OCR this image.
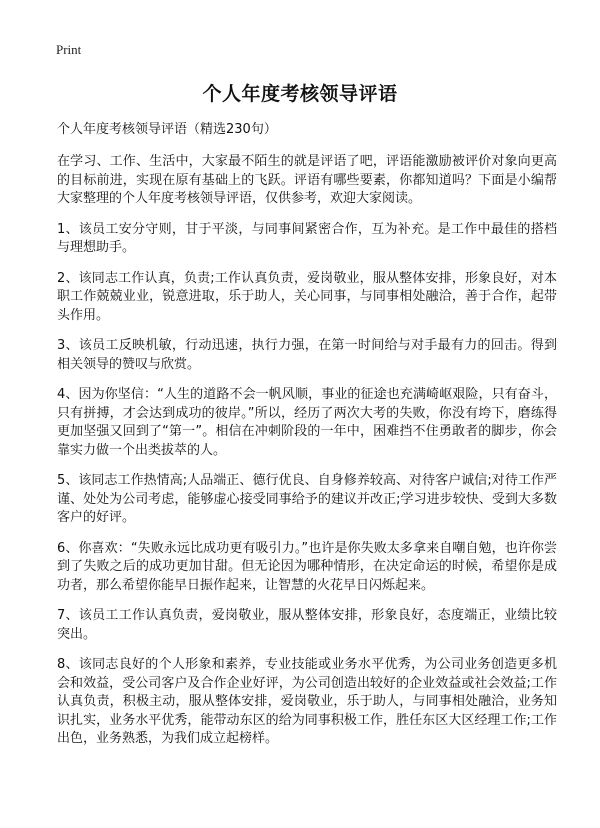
Print
个人年度考核领导评语

个人年度考核领导评语（精选230句）

在学习、工作、生活中，大家最不陌生的就是评语了吧，评语能激励被评价对象向更高的目标前进，实现在原有基础上的飞跃。评语有哪些要素，你都知道吗？下面是小编帮大家整理的个人年度考核领导评语，仅供参考，欢迎大家阅读。

1、该员工安分守则，甘于平淡，与同事间紧密合作，互为补充。是工作中最佳的搭档与理想助手。

2、该同志工作认真，负责;工作认真负责，爱岗敬业，服从整体安排，形象良好，对本职工作兢兢业业，锐意进取，乐于助人，关心同事，与同事相处融洽，善于合作，起带头作用。

3、该员工反映机敏，行动迅速，执行力强，在第一时间给与对手最有力的回击。得到相关领导的赞叹与欣赏。

4、因为你坚信：“人生的道路不会一帆风顺，事业的征途也充满崎岖艰险，只有奋斗，只有拼搏，才会达到成功的彼岸。”所以，经历了两次大考的失败，你没有垮下，磨练得更加坚强又回到了“第一”。相信在冲刺阶段的一年中，困难挡不住勇敢者的脚步，你会靠实力做一个出类拔萃的人。

5、该同志工作热情高;人品端正、德行优良、自身修养较高、对待客户诚信;对待工作严谨、处处为公司考虑，能够虚心接受同事给予的建议并改正;学习进步较快、受到大多数客户的好评。

6、你喜欢：“失败永远比成功更有吸引力。”也许是你失败太多拿来自嘲自勉，也许你尝到了失败之后的成功更加甘甜。但无论因为哪种情形，在决定命运的时候，希望你是成功者，那么希望你能早日振作起来，让智慧的火花早日闪烁起来。

7、该员工工作认真负责，爱岗敬业，服从整体安排，形象良好，态度端正，业绩比较突出。

8、该同志良好的个人形象和素养，专业技能或业务水平优秀，为公司业务创造更多机会和效益，受公司客户及合作企业好评，为公司创造出较好的企业效益或社会效益;工作认真负责，积极主动，服从整体安排，爱岗敬业，乐于助人，与同事相处融洽，业务知识扎实，业务水平优秀，能带动东区的给为同事积极工作，胜任东区大区经理工作;工作出色，业务熟悉，为我们成立起榜样。
